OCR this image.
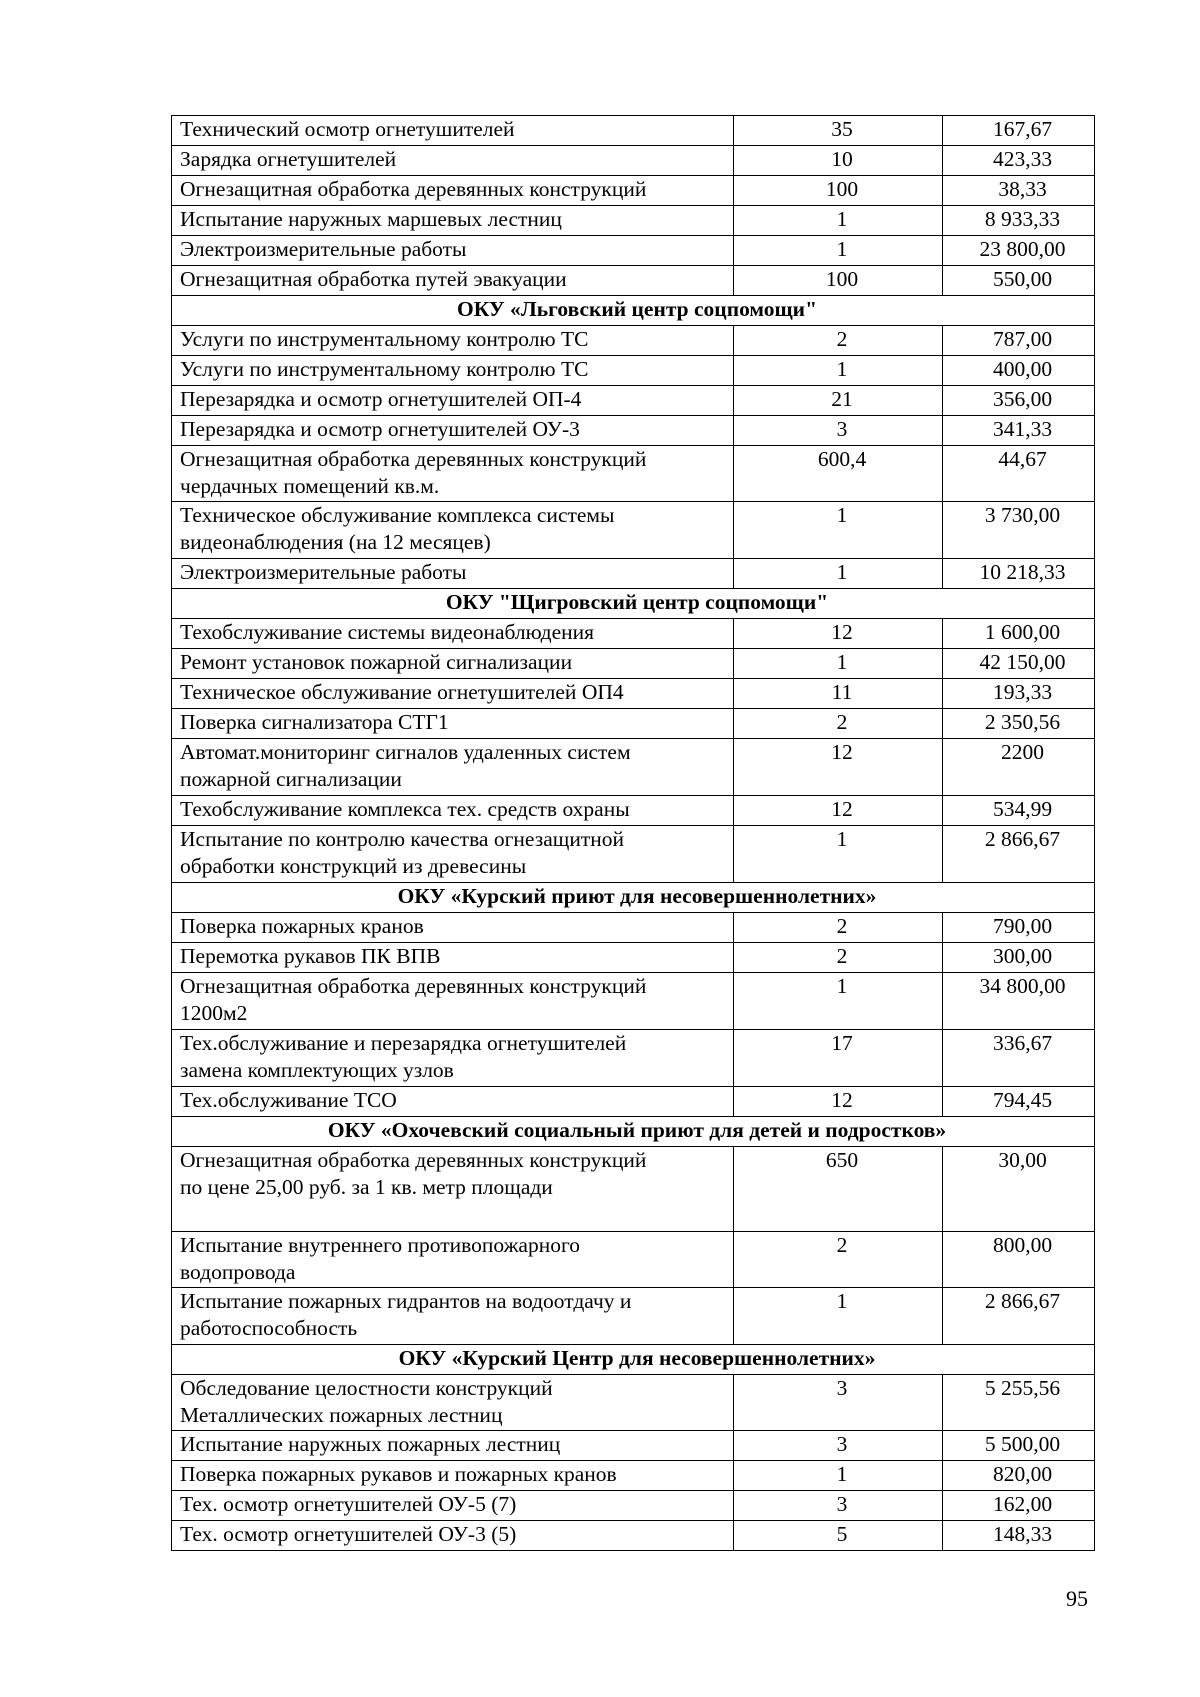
Технический осмотр огнетушителей	35	167,67

Зарядка огнетушителей	10	423,33

Огнезащитная обработка деревянных конструкций	100	38,33

Испытание наружных маршевых лестниц	1	8 933,33

Электроизмерительные работы	1	23 800,00

Огнезащитная обработка путей эвакуации	100	550,00
ОКУ «Льговский центр соцпомощи"		

Услуги по инструментальному контролю ТС	2	787,00

Услуги по инструментальному контролю ТС	1	400,00

Перезарядка и осмотр огнетушителей ОП-4	21	356,00

Перезарядка и осмотр огнетушителей ОУ-3	3	341,33

Огнезащитная обработка деревянных конструкций
чердачных помещений кв.м.	600,4	44,67

Техническое обслуживание комплекса системы
видеонаблюдения (на 12 месяцев)	1	3 730,00

Электроизмерительные работы	1	10 218,33
ОКУ "Щигровский центр соцпомощи"		

Техобслуживание системы видеонаблюдения	12	1 600,00

Ремонт установок пожарной сигнализации	1	42 150,00

Техническое обслуживание огнетушителей ОП4	11	193,33

Поверка сигнализатора СТГ1	2	2 350,56

Автомат.мониторинг сигналов удаленных систем
пожарной сигнализации	12	2200

Техобслуживание комплекса тех. средств охраны	12	534,99

Испытание по контролю качества огнезащитной
обработки конструкций из древесины	1	2 866,67
ОКУ «Курский приют для несовершеннолетних»		

Поверка пожарных кранов	2	790,00

Перемотка рукавов ПК ВПВ	2	300,00

Огнезащитная обработка деревянных конструкций
1200м2	1	34 800,00

Тех.обслуживание и перезарядка огнетушителей
замена комплектующих узлов	17	336,67

Тех.обслуживание ТСО	12	794,45
ОКУ «Охочевский социальный приют для детей и подростков»		

Огнезащитная обработка деревянных конструкций
по цене 25,00 руб. за 1 кв. метр площади	650	30,00

Испытание внутреннего противопожарного
водопровода	2	800,00

Испытание пожарных гидрантов на водоотдачу и
работоспособность	1	2 866,67
ОКУ «Курский Центр для несовершеннолетних»		

Обследование целостности конструкций
Металлических пожарных лестниц	3	5 255,56

Испытание наружных пожарных лестниц	3	5 500,00

Поверка пожарных рукавов и пожарных кранов	1	820,00

Тех. осмотр огнетушителей ОУ-5 (7)	3	162,00

Тех. осмотр огнетушителей ОУ-3 (5)	5	148,33
95
